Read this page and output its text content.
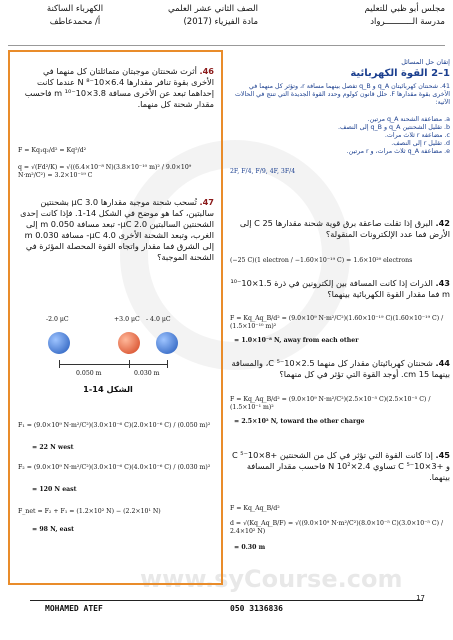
www.syCourse.com
مجلس أبو ظبي للتعليم
مدرسة الـــــــــــرواد
الصف الثاني عشر العلمي
مادة الفيزياء (2017)
الكهرباء الساكنة
أ/ محمدعاطف
46. أثرت شحنتان موجبتان متماثلتان كل منهما في الأخرى بقوة تنافر مقدارها 6.4×10⁻⁸ N عندما كانت إحداهما تبعد عن الأخرى مسافة 3.8×10⁻¹⁰ m فاحسب مقدار شحنة كل منهما.
F = Kq₁q₂/d² = Kq²/d²
q = √(Fd²/K) = √((6.4×10⁻⁸ N)(3.8×10⁻¹⁰ m)² / 9.0×10⁹ N·m²/C²) = 3.2×10⁻¹⁹ C
47. تُسحب شحنة موجبة مقدارها 3.0 μC بشحنتين سالبتين، كما هو موضح في الشكل 14-1. فإذا كانت إحدى الشحنتين السالبتين 2.0 μC- تبعد مسافة 0.050 m إلى الغرب، وتبعد الشحنة الأخرى 4.0 μC- مسافة 0.030 m إلى الشرق فما مقدار واتجاه القوة المحصلة المؤثرة في الشحنة الموجبة؟
-2.0 μC	+3.0 μC - 4.0 μC
0.050 m	0.030 m
الشكل 14-1
F₁ = (9.0×10⁹ N·m²/C²)(3.0×10⁻⁶ C)(2.0×10⁻⁶ C) / (0.050 m)²
= 22 N west
F₂ = (9.0×10⁹ N·m²/C²)(3.0×10⁻⁶ C)(4.0×10⁻⁶ C) / (0.030 m)²
= 120 N east
F_net = F₂ + F₁ = (1.2×10² N) − (2.2×10¹ N)
= 98 N, east
إتقان حل المسائل
1–2 القوة الكهربائية
41. شحنتان كهربائيتان q_A و q_B تفصل بينهما مسافة r، وتؤثر كل منهما في الأخرى بقوة مقدارها F. حلل قانون كولوم وحدد القوة الجديدة التي تنتج في الحالات الآتية:
a. مضاعفة الشحنة q_A مرتين.
b. تقليل الشحنتين q_A و q_B إلى النصف.
c. مضاعفة r ثلاث مرات.
d. تقليل r إلى النصف.
e. مضاعفة q_A ثلاث مرات، و r مرتين.
2F, F/4, F/9, 4F, 3F/4
42. البرق إذا تقلت صاعقة برق قوية شحنة مقدارها 25 C إلى الأرض فما عدد الإلكترونات المنقولة؟
(−25 C)(1 electron / −1.60×10⁻¹⁹ C) = 1.6×10²⁰ electrons
43. الذرات إذا كانت المسافة بين إلكترونين في ذرة 1.5×10⁻¹⁰ m فما مقدار القوة الكهربائية بينهما؟
F = Kq_Aq_B/d² = (9.0×10⁹ N·m²/C²)(1.60×10⁻¹⁹ C)(1.60×10⁻¹⁹ C) / (1.5×10⁻¹⁰ m)²
= 1.0×10⁻⁸ N, away from each other
44. شحنتان كهربائيتان مقدار كل منهما 2.5×10⁻⁵ C، والمسافة بينهما 15 cm. أوجد القوة التي تؤثر في كل منهما؟
F = Kq_Aq_B/d² = (9.0×10⁹ N·m²/C²)(2.5×10⁻⁵ C)(2.5×10⁻⁵ C) / (1.5×10⁻¹ m)²
= 2.5×10² N, toward the other charge
45. إذا كانت القوة التي تؤثر في كل من الشحنتين +8×10⁻⁵ C و +3×10⁻⁵ C تساوي 2.4×10² N فاحسب مقدار المسافة بينهما.
F = Kq_Aq_B/d²
d = √(Kq_Aq_B/F) = √((9.0×10⁹ N·m²/C²)(8.0×10⁻⁵ C)(3.0×10⁻⁵ C) / 2.4×10² N)
= 0.30 m
17
MOHAMED ATEF	050 3136836
